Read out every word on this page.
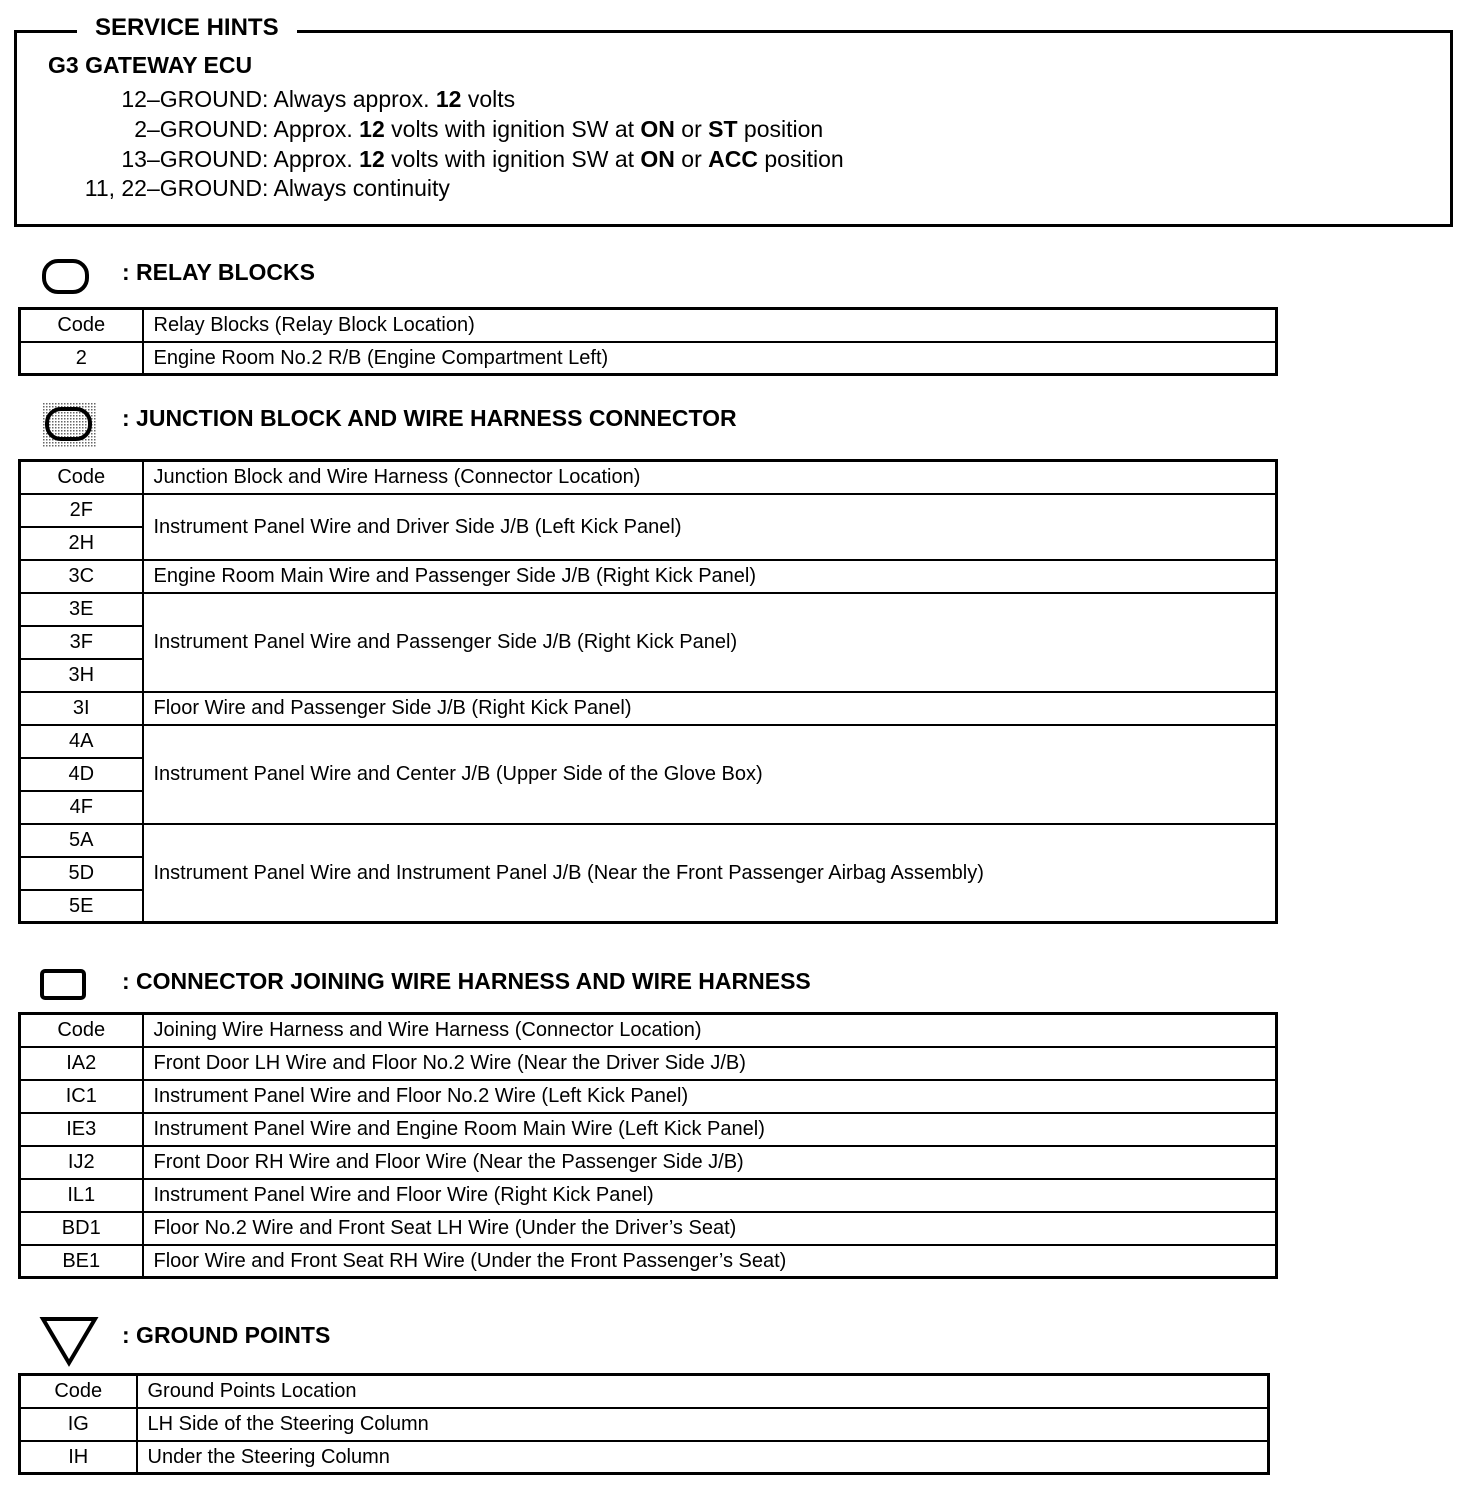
SERVICE HINTS
G3 GATEWAY ECU
12–GROUND : Always approx. 12 volts
2–GROUND : Approx. 12 volts with ignition SW at ON or ST position
13–GROUND : Approx. 12 volts with ignition SW at ON or ACC position
11, 22–GROUND : Always continuity
: RELAY BLOCKS
Code	Relay Blocks (Relay Block Location)
2	Engine Room No.2 R/B (Engine Compartment Left)
: JUNCTION BLOCK AND WIRE HARNESS CONNECTOR
Code	Junction Block and Wire Harness (Connector Location)
2F	Instrument Panel Wire and Driver Side J/B (Left Kick Panel)
2H	
3C	Engine Room Main Wire and Passenger Side J/B (Right Kick Panel)
3E	Instrument Panel Wire and Passenger Side J/B (Right Kick Panel)
3F	
3H	
3I	Floor Wire and Passenger Side J/B (Right Kick Panel)
4A	Instrument Panel Wire and Center J/B (Upper Side of the Glove Box)
4D	
4F	
5A	Instrument Panel Wire and Instrument Panel J/B (Near the Front Passenger Airbag Assembly)
5D	
5E	
: CONNECTOR JOINING WIRE HARNESS AND WIRE HARNESS
Code	Joining Wire Harness and Wire Harness (Connector Location)
IA2	Front Door LH Wire and Floor No.2 Wire (Near the Driver Side J/B)
IC1	Instrument Panel Wire and Floor No.2 Wire (Left Kick Panel)
IE3	Instrument Panel Wire and Engine Room Main Wire (Left Kick Panel)
IJ2	Front Door RH Wire and Floor Wire (Near the Passenger Side J/B)
IL1	Instrument Panel Wire and Floor Wire (Right Kick Panel)
BD1	Floor No.2 Wire and Front Seat LH Wire (Under the Driver’s Seat)
BE1	Floor Wire and Front Seat RH Wire (Under the Front Passenger’s Seat)
: GROUND POINTS
Code	Ground Points Location
IG	LH Side of the Steering Column
IH	Under the Steering Column
